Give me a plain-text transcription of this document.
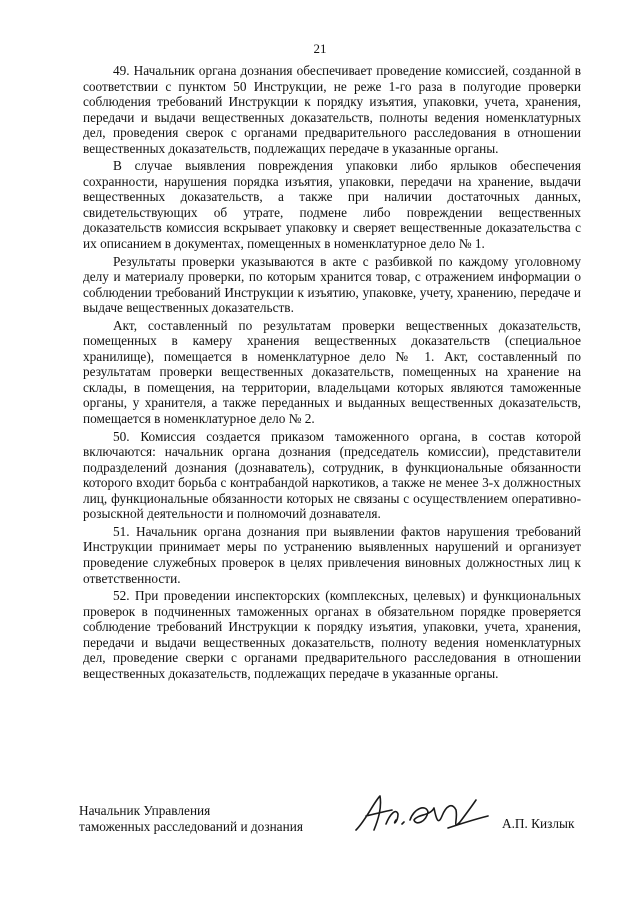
21

49. Начальник органа дознания обеспечивает проведение комиссией, созданной в соответствии с пунктом 50 Инструкции, не реже 1-го раза в полугодие проверки соблюдения требований Инструкции к порядку изъятия, упаковки, учета, хранения, передачи и выдачи вещественных доказательств, полноты ведения номенклатурных дел, проведения сверок с органами предварительного расследования в отношении вещественных доказательств, подлежащих передаче в указанные органы.

В случае выявления повреждения упаковки либо ярлыков обеспечения сохранности, нарушения порядка изъятия, упаковки, передачи на хранение, выдачи вещественных доказательств, а также при наличии достаточных данных, свидетельствующих об утрате, подмене либо повреждении вещественных доказательств комиссия вскрывает упаковку и сверяет вещественные доказательства с их описанием в документах, помещенных в номенклатурное дело № 1.

Результаты проверки указываются в акте с разбивкой по каждому уголовному делу и материалу проверки, по которым хранится товар, с отражением информации о соблюдении требований Инструкции к изъятию, упаковке, учету, хранению, передаче и выдаче вещественных доказательств.

Акт, составленный по результатам проверки вещественных доказательств, помещенных в камеру хранения вещественных доказательств (специальное хранилище), помещается в номенклатурное дело № 1. Акт, составленный по результатам проверки вещественных доказательств, помещенных на хранение на склады, в помещения, на территории, владельцами которых являются таможенные органы, у хранителя, а также переданных и выданных вещественных доказательств, помещается в номенклатурное дело № 2.

50. Комиссия создается приказом таможенного органа, в состав которой включаются: начальник органа дознания (председатель комиссии), представители подразделений дознания (дознаватель), сотрудник, в функциональные обязанности которого входит борьба с контрабандой наркотиков, а также не менее 3-х должностных лиц, функциональные обязанности которых не связаны с осуществлением оперативно-розыскной деятельности и полномочий дознавателя.

51. Начальник органа дознания при выявлении фактов нарушения требований Инструкции принимает меры по устранению выявленных нарушений и организует проведение служебных проверок в целях привлечения виновных должностных лиц к ответственности.

52. При проведении инспекторских (комплексных, целевых) и функциональных проверок в подчиненных таможенных органах в обязательном порядке проверяется соблюдение требований Инструкции к порядку изъятия, упаковки, учета, хранения, передачи и выдачи вещественных доказательств, полноту ведения номенклатурных дел, проведение сверки с органами предварительного расследования в отношении вещественных доказательств, подлежащих передаче в указанные органы.

Начальник Управления
таможенных расследований и дознания	А.П. Кизлык
